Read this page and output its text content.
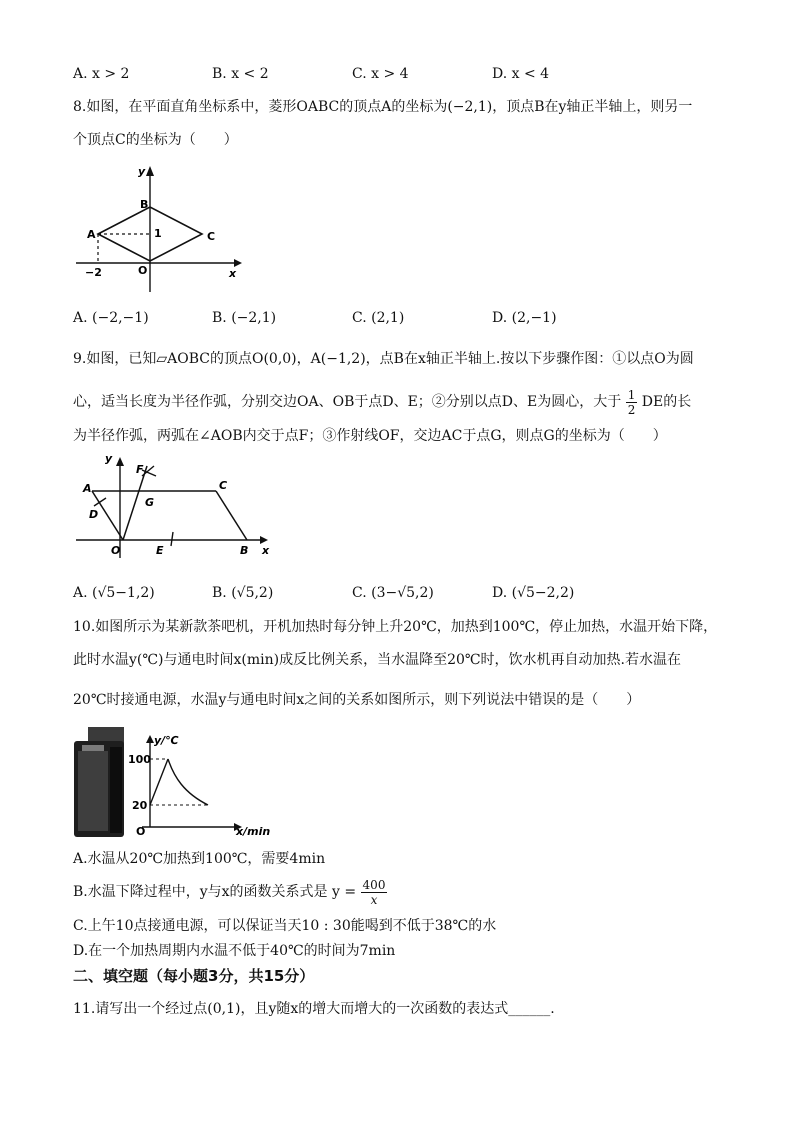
A. x > 2	B. x < 2	C. x > 4	D. x < 4
8.如图，在平面直角坐标系中，菱形OABC的顶点A的坐标为(−2,1)，顶点B在y轴正半轴上，则另一
个顶点C的坐标为（　　）
y
x
A
B
C
O
1
−2
A. (−2,−1)	B. (−2,1)	C. (2,1)	D. (2,−1)
9.如图，已知▱AOBC的顶点O(0,0)，A(−1,2)，点B在x轴正半轴上.按以下步骤作图：①以点O为圆
心，适当长度为半径作弧，分别交边OA、OB于点D、E；②分别以点D、E为圆心，大于 $\frac{1}{2}$ DE的长
为半径作弧，两弧在∠AOB内交于点F；③作射线OF，交边AC于点G，则点G的坐标为（　　）
y
x
A	C
D
F
G
O	E	B
A. (√5−1,2)	B. (√5,2)	C. (3−√5,2)	D. (√5−2,2)
10.如图所示为某新款茶吧机，开机加热时每分钟上升20℃，加热到100℃，停止加热，水温开始下降，
此时水温y(℃)与通电时间x(min)成反比例关系，当水温降至20℃时，饮水机再自动加热.若水温在
20℃时接通电源，水温y与通电时间x之间的关系如图所示，则下列说法中错误的是（　　）
y/℃
100
20
O	x/min
A.水温从20℃加热到100℃，需要4min
B.水温下降过程中，y与x的函数关系式是 $y = \frac{400}{x}$
C.上午10点接通电源，可以保证当天10 : 30能喝到不低于38℃的水
D.在一个加热周期内水温不低于40℃的时间为7min
二、填空题（每小题3分，共15分）
11.请写出一个经过点(0,1)，且y随x的增大而增大的一次函数的表达式______.
